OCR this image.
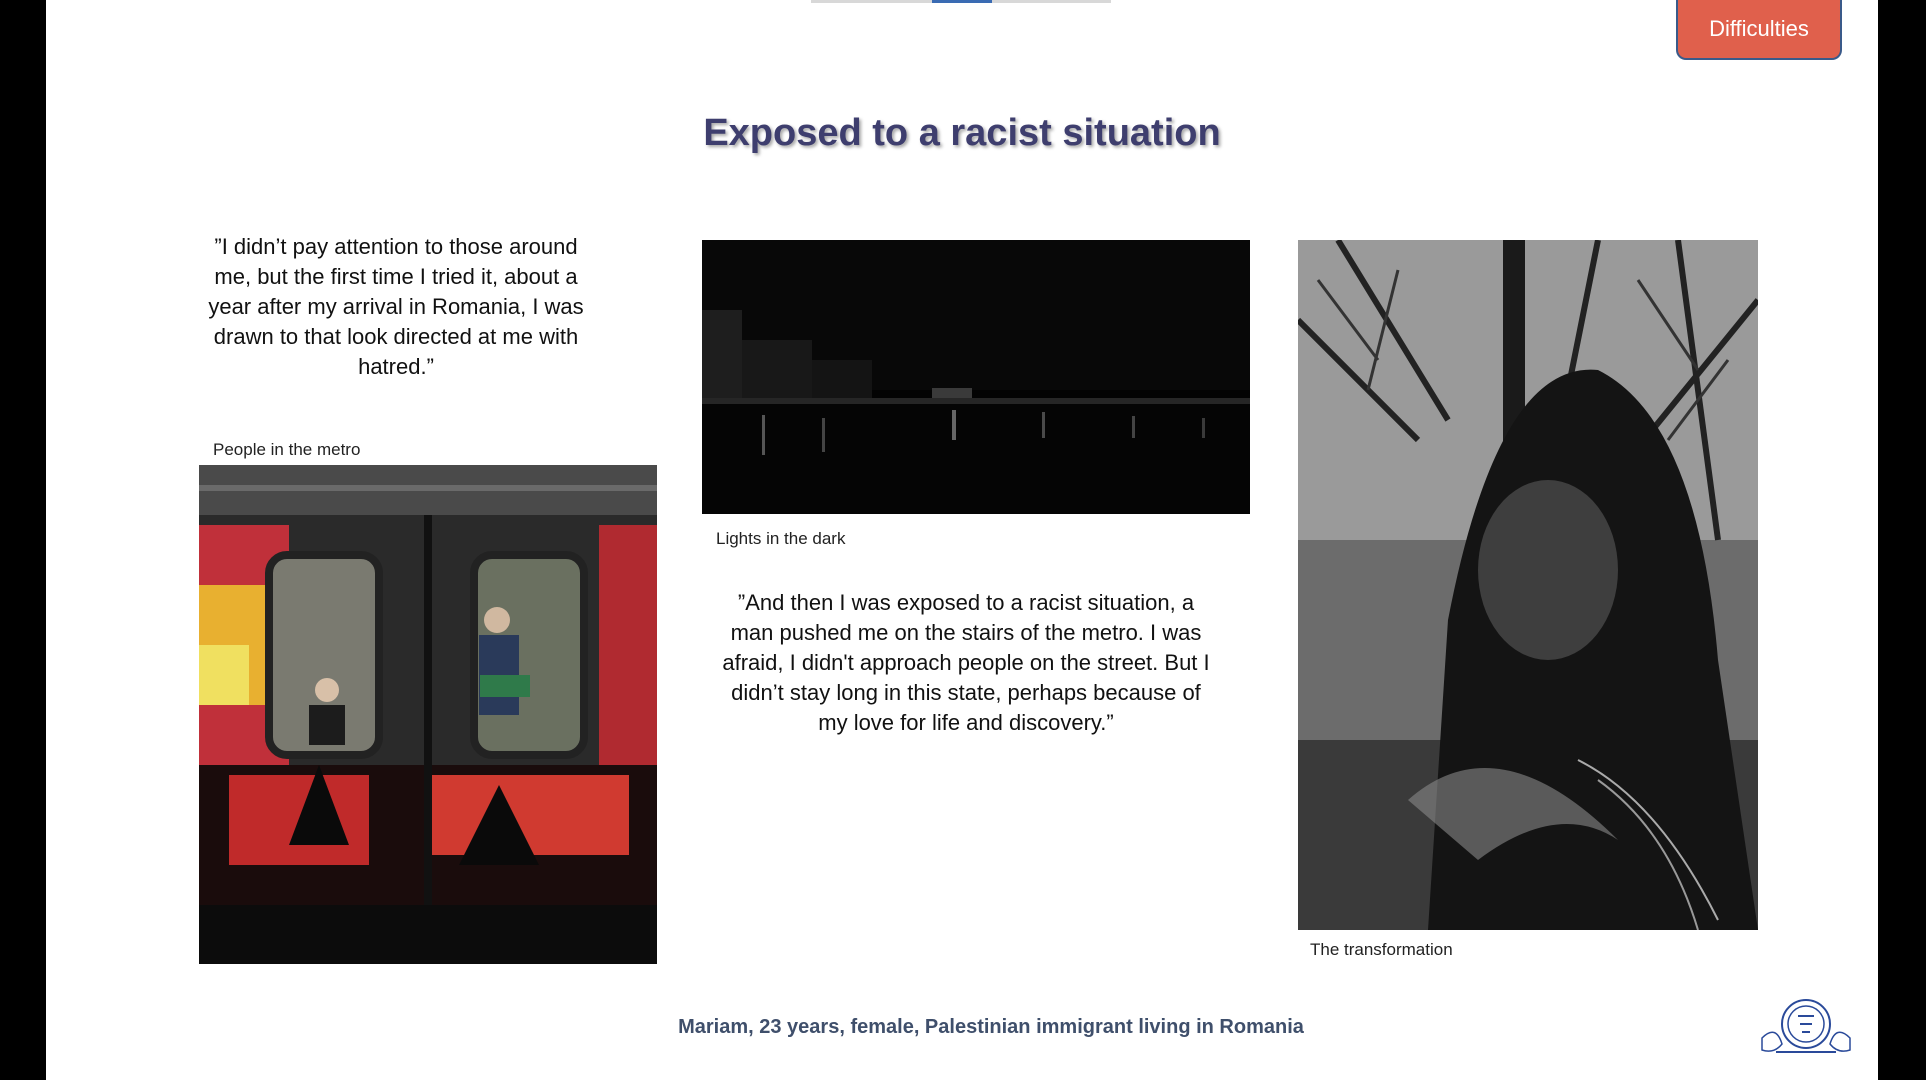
Difficulties
Exposed to a racist situation
”I didn’t pay attention to those around me, but the first time I tried it, about a year after my arrival in Romania, I was drawn to that look directed at me with hatred.”
People in the metro
Lights in the dark
”And then I was exposed to a racist situation, a man pushed me on the stairs of the metro. I was afraid, I didn't approach people on the street. But I didn’t stay long in this state, perhaps because of my love for life and discovery.”
The transformation
Mariam, 23 years, female, Palestinian immigrant living in Romania
